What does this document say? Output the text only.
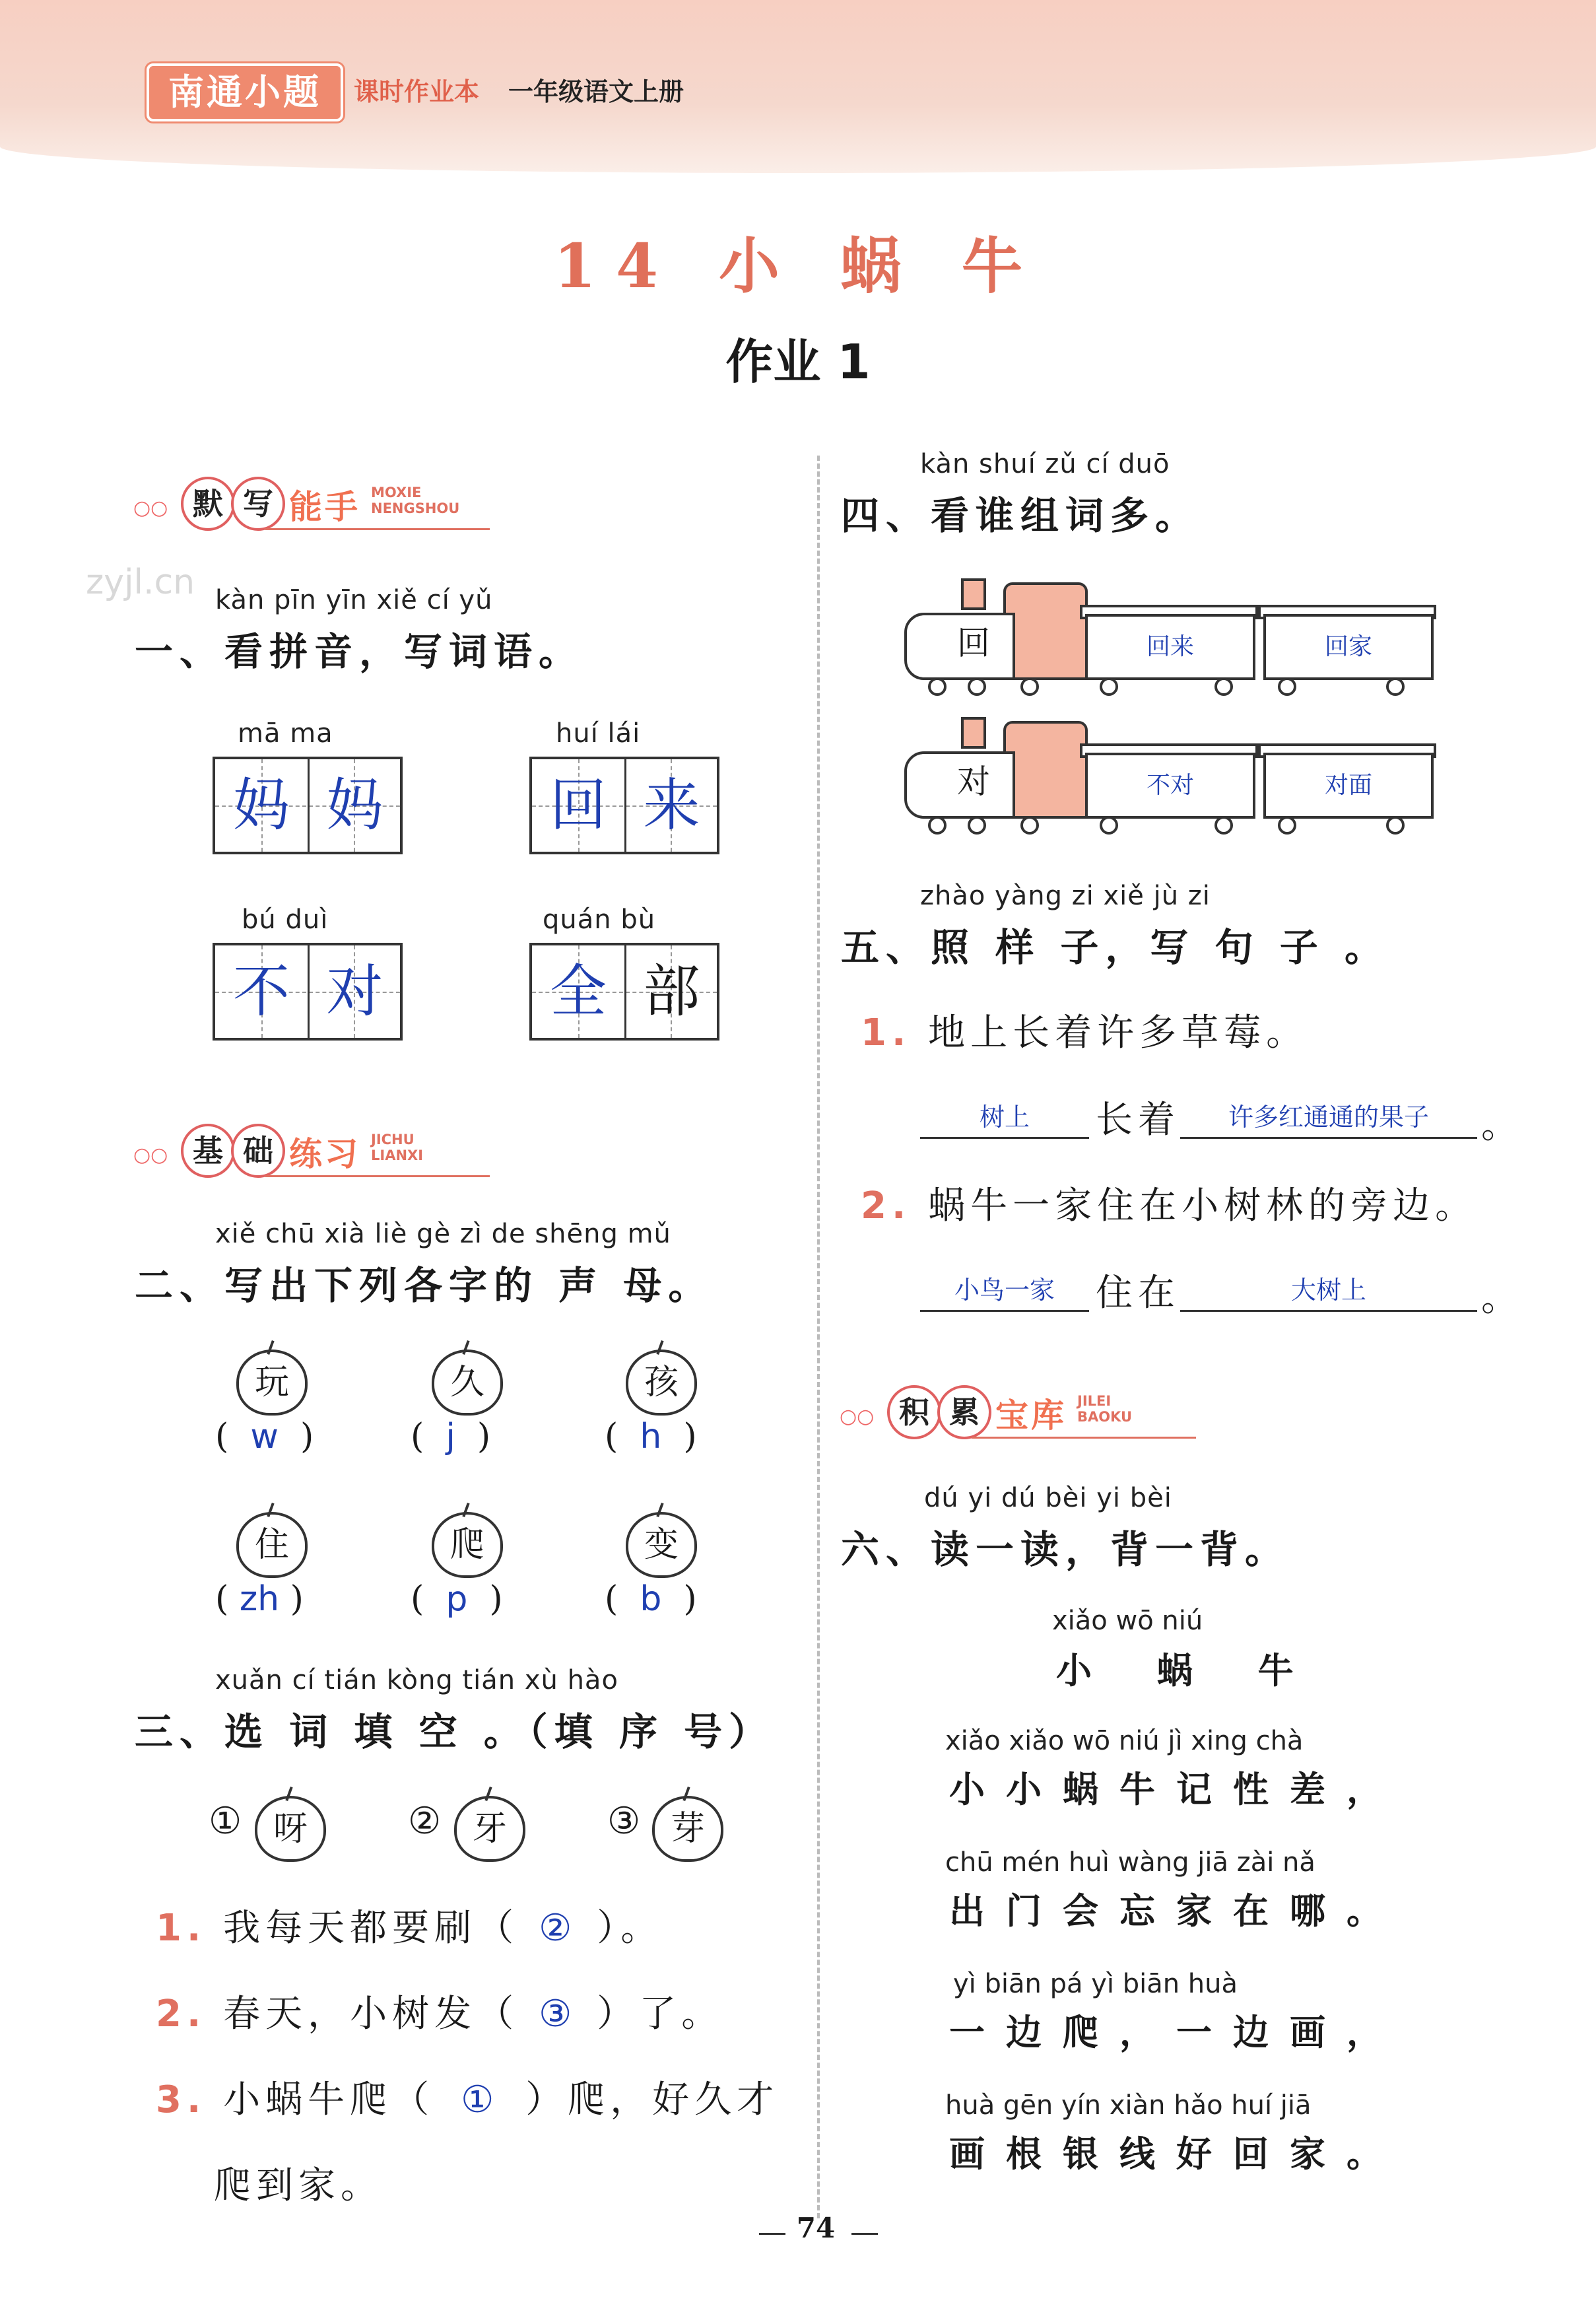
南通小题	课时作业本 一年级语文上册
14 小 蜗 牛
作业 1
○○ 默 写 能手 MOXIE
NENGSHOU
zyjl.cn kàn pīn yīn xiě cí yǔ
一、看拼音，写词语。
mā ma
妈 妈
huí lái
回 来
bú duì
不 对
quán bù
全 部
○○ 基 础 练习 JICHU
LIANXI
xiě chū xià liè gè zì de shēng mǔ
二、写出下列各字的 声 母。
玩
(  w  )
久
(  j  )
孩
(  h  )
住
( zh )
爬
(  p  )
变
(  b  )
xuǎn cí tián kòng tián xù hào
三、选 词 填 空 。（填 序 号）
① 呀	② 牙	③ 芽
1. 我每天都要刷（ ② ）。
2. 春天，小树发（ ③ ）了。
3. 小蜗牛爬（ ① ）爬，好久才
爬到家。
kàn shuí zǔ cí duō
四、看谁组词多。
回	回来	回家
对	不对	对面
zhào yàng zi xiě jù zi
五、照 样 子，写 句 子 。
1. 地上长着许多草莓。
树上	长着	许多红通通的果子	。
2. 蜗牛一家住在小树林的旁边。
小鸟一家	住在	大树上	。
○○ 积 累 宝库 JILEI
BAOKU
dú yi dú bèi yi bèi
六、读一读，背一背。
xiǎo wō niú
小 蜗 牛
xiǎo xiǎo wō niú jì xing chà
小小蜗牛记性差，
chū mén huì wàng jiā zài nǎ
出门会忘家在哪。
yì biān pá yì biān huà
一边爬，一边画，
huà gēn yín xiàn hǎo huí jiā
画根银线好回家。
74
